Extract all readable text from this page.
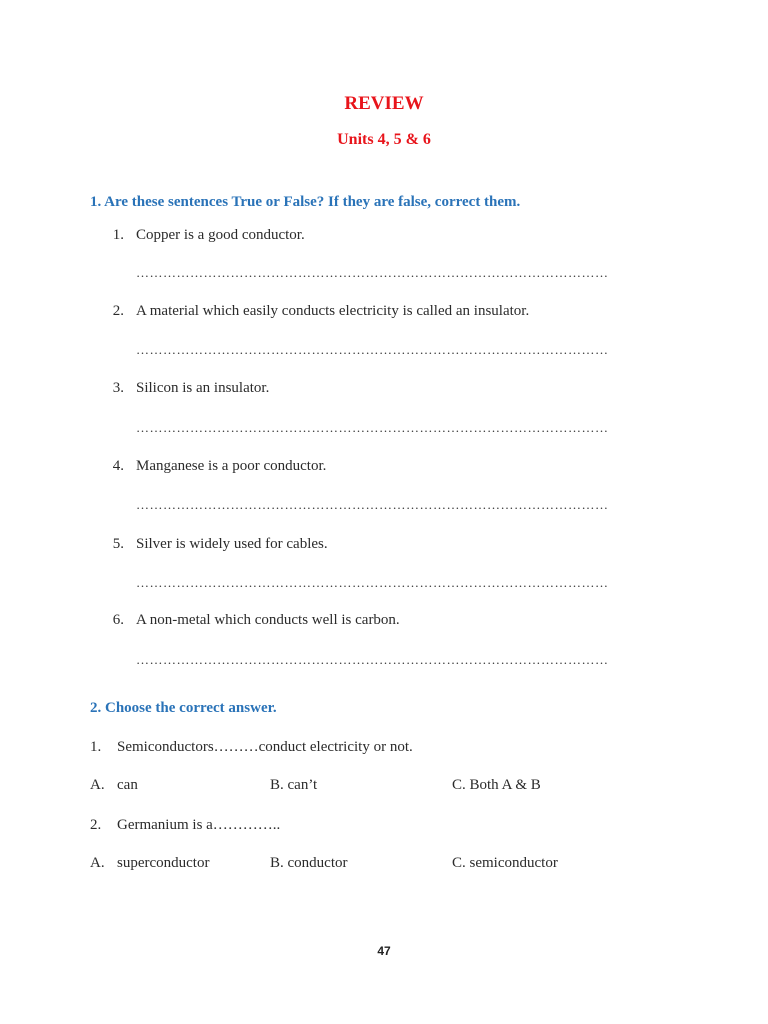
REVIEW
Units 4, 5 & 6
1. Are these sentences True or False? If they are false, correct them.
1. Copper is a good conductor.
……………………………………………………………………………………………
2. A material which easily conducts electricity is called an insulator.
……………………………………………………………………………………………
3. Silicon is an insulator.
……………………………………………………………………………………………
4. Manganese is a poor conductor.
……………………………………………………………………………………………
5. Silver is widely used for cables.
……………………………………………………………………………………………
6. A non-metal which conducts well is carbon.
……………………………………………………………………………………………
2. Choose the correct answer.
1. Semiconductors………conduct electricity or not.
A. can	B. can’t	C. Both A & B
2. Germanium is a…………..
A. superconductor	B. conductor	C. semiconductor
47
